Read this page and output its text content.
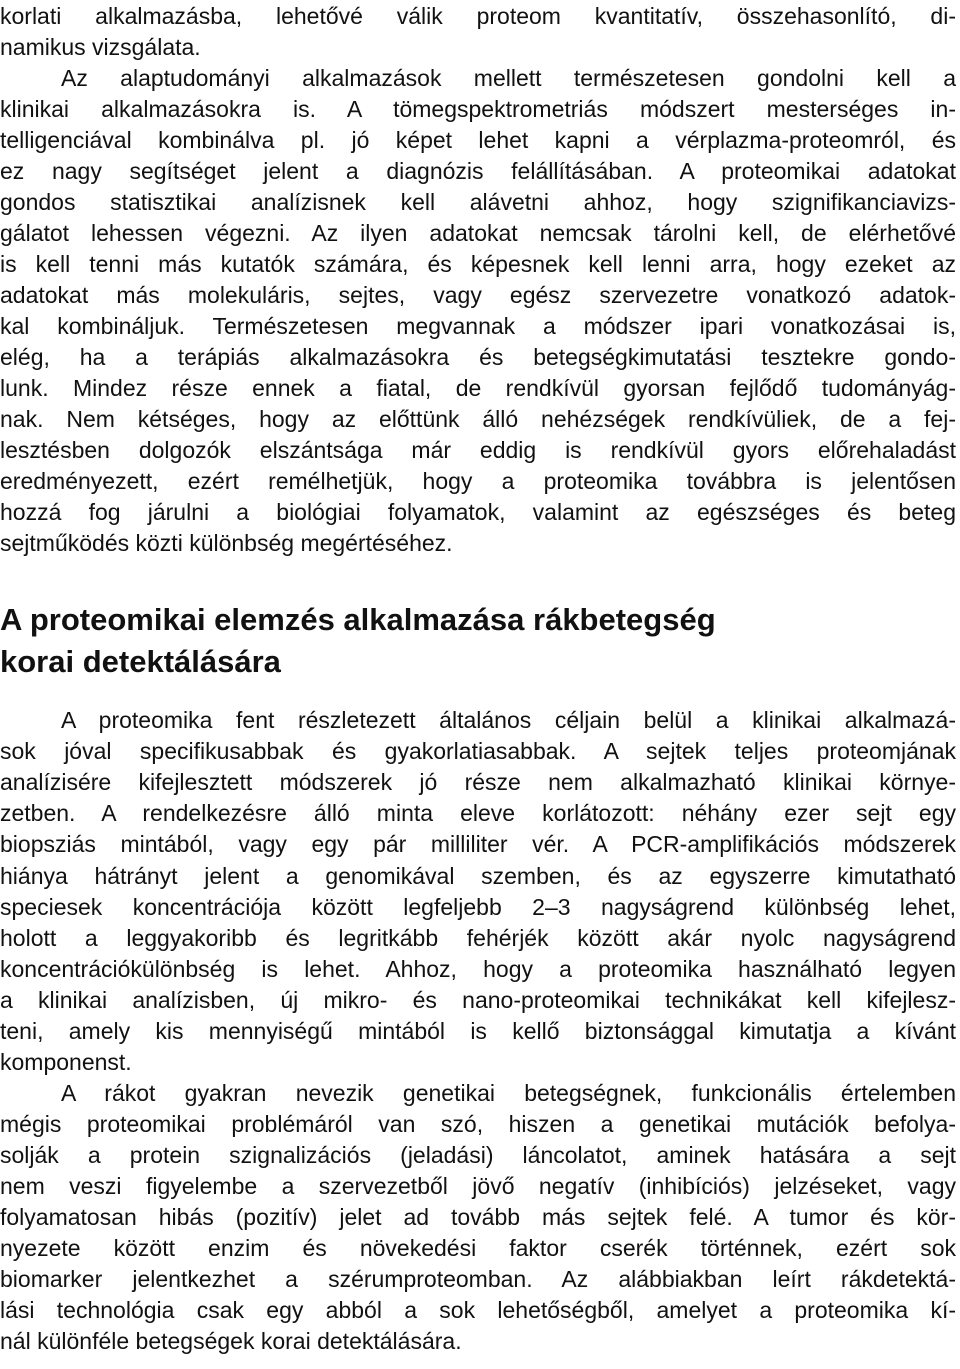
korlati alkalmazásba, lehetővé válik proteom kvantitatív, összehasonlító, di-
namikus vizsgálata.
Az alaptudományi alkalmazások mellett természetesen gondolni kell a
klinikai alkalmazásokra is. A tömegspektrometriás módszert mesterséges in-
telligenciával kombinálva pl. jó képet lehet kapni a vérplazma-proteomról, és
ez nagy segítséget jelent a diagnózis felállításában. A proteomikai adatokat
gondos statisztikai analízisnek kell alávetni ahhoz, hogy szignifikanciavizs-
gálatot lehessen végezni. Az ilyen adatokat nemcsak tárolni kell, de elérhetővé
is kell tenni más kutatók számára, és képesnek kell lenni arra, hogy ezeket az
adatokat más molekuláris, sejtes, vagy egész szervezetre vonatkozó adatok-
kal kombináljuk. Természetesen megvannak a módszer ipari vonatkozásai is,
elég, ha a terápiás alkalmazásokra és betegségkimutatási tesztekre gondo-
lunk. Mindez része ennek a fiatal, de rendkívül gyorsan fejlődő tudományág-
nak. Nem kétséges, hogy az előttünk álló nehézségek rendkívüliek, de a fej-
lesztésben dolgozók elszántsága már eddig is rendkívül gyors előrehaladást
eredményezett, ezért remélhetjük, hogy a proteomika továbbra is jelentősen
hozzá fog járulni a biológiai folyamatok, valamint az egészséges és beteg
sejtműködés közti különbség megértéséhez.
A proteomikai elemzés alkalmazása rákbetegség
korai detektálására
A proteomika fent részletezett általános céljain belül a klinikai alkalmazá-
sok jóval specifikusabbak és gyakorlatiasabbak. A sejtek teljes proteomjának
analízisére kifejlesztett módszerek jó része nem alkalmazható klinikai környe-
zetben. A rendelkezésre álló minta eleve korlátozott: néhány ezer sejt egy
biopsziás mintából, vagy egy pár milliliter vér. A PCR-amplifikációs módszerek
hiánya hátrányt jelent a genomikával szemben, és az egyszerre kimutatható
speciesek koncentrációja között legfeljebb 2–3 nagyságrend különbség lehet,
holott a leggyakoribb és legritkább fehérjék között akár nyolc nagyságrend
koncentrációkülönbség is lehet. Ahhoz, hogy a proteomika használható legyen
a klinikai analízisben, új mikro- és nano-proteomikai technikákat kell kifejlesz-
teni, amely kis mennyiségű mintából is kellő biztonsággal kimutatja a kívánt
komponenst.
A rákot gyakran nevezik genetikai betegségnek, funkcionális értelemben
mégis proteomikai problémáról van szó, hiszen a genetikai mutációk befolya-
solják a protein szignalizációs (jeladási) láncolatot, aminek hatására a sejt
nem veszi figyelembe a szervezetből jövő negatív (inhibíciós) jelzéseket, vagy
folyamatosan hibás (pozitív) jelet ad tovább más sejtek felé. A tumor és kör-
nyezete között enzim és növekedési faktor cserék történnek, ezért sok
biomarker jelentkezhet a szérumproteomban. Az alábbiakban leírt rákdetektá-
lási technológia csak egy abból a sok lehetőségből, amelyet a proteomika kí-
nál különféle betegségek korai detektálására.
